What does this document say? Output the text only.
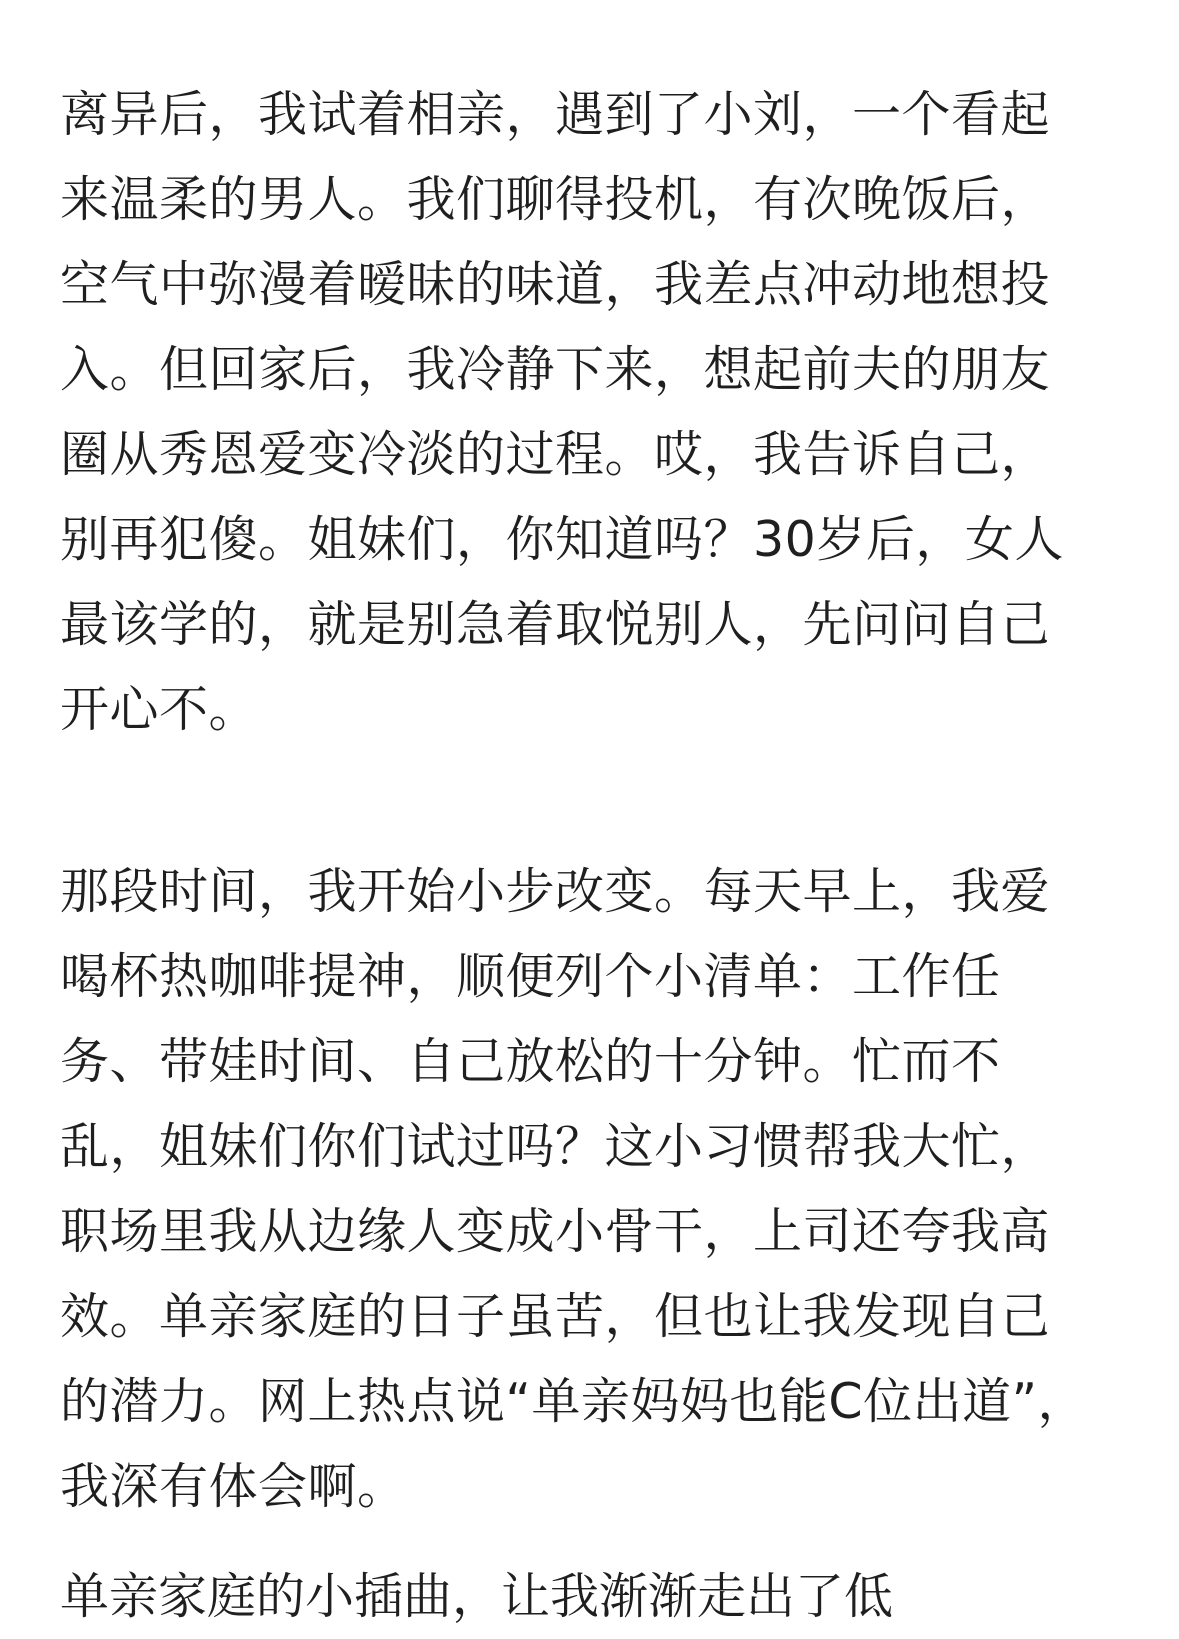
离异后，我试着相亲，遇到了小刘，一个看起
来温柔的男人。我们聊得投机，有次晚饭后，
空气中弥漫着暧昧的味道，我差点冲动地想投
入。但回家后，我冷静下来，想起前夫的朋友
圈从秀恩爱变冷淡的过程。哎，我告诉自己，
别再犯傻。姐妹们，你知道吗？30岁后，女人
最该学的，就是别急着取悦别人，先问问自己
开心不。
那段时间，我开始小步改变。每天早上，我爱
喝杯热咖啡提神，顺便列个小清单：工作任
务、带娃时间、自己放松的十分钟。忙而不
乱，姐妹们你们试过吗？这小习惯帮我大忙，
职场里我从边缘人变成小骨干，上司还夸我高
效。单亲家庭的日子虽苦，但也让我发现自己
的潜力。网上热点说“单亲妈妈也能C位出道”，
我深有体会啊。
单亲家庭的小插曲，让我渐渐走出了低
